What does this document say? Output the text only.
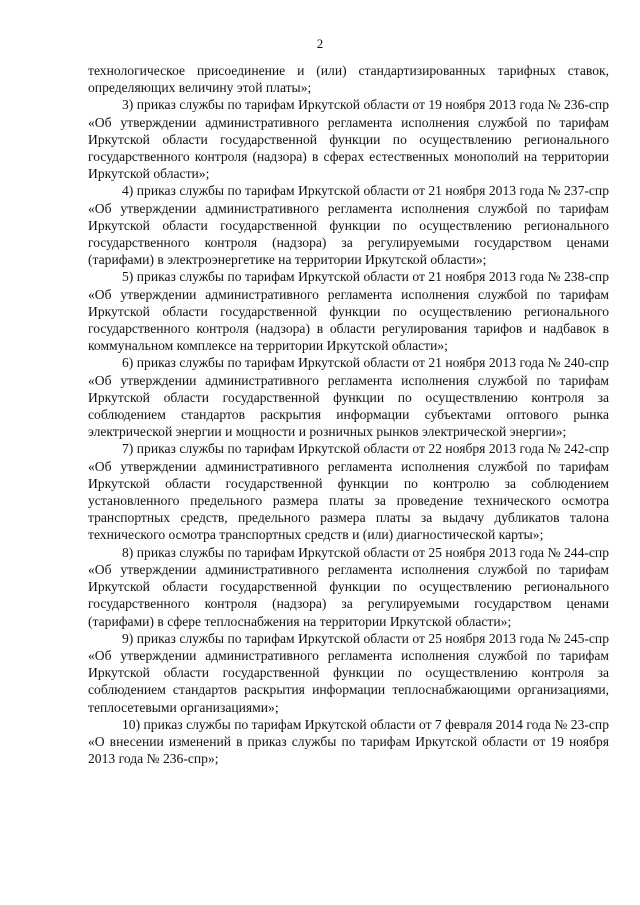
2

технологическое присоединение и (или) стандартизированных тарифных ставок, определяющих величину этой платы»;

3) приказ службы по тарифам Иркутской области от 19 ноября 2013 года № 236-спр «Об утверждении административного регламента исполнения службой по тарифам Иркутской области государственной функции по осуществлению регионального государственного контроля (надзора) в сферах естественных монополий на территории Иркутской области»;

4) приказ службы по тарифам Иркутской области от 21 ноября 2013 года № 237-спр «Об утверждении административного регламента исполнения службой по тарифам Иркутской области государственной функции по осуществлению регионального государственного контроля (надзора) за регулируемыми государством ценами (тарифами) в электроэнергетике на территории Иркутской области»;

5) приказ службы по тарифам Иркутской области от 21 ноября 2013 года № 238-спр «Об утверждении административного регламента исполнения службой по тарифам Иркутской области государственной функции по осуществлению регионального государственного контроля (надзора) в области регулирования тарифов и надбавок в коммунальном комплексе на территории Иркутской области»;

6) приказ службы по тарифам Иркутской области от 21 ноября 2013 года № 240-спр «Об утверждении административного регламента исполнения службой по тарифам Иркутской области государственной функции по осуществлению контроля за соблюдением стандартов раскрытия информации субъектами оптового рынка электрической энергии и мощности и розничных рынков электрической энергии»;

7) приказ службы по тарифам Иркутской области от 22 ноября 2013 года № 242-спр «Об утверждении административного регламента исполнения службой по тарифам Иркутской области государственной функции по контролю за соблюдением установленного предельного размера платы за проведение технического осмотра транспортных средств, предельного размера платы за выдачу дубликатов талона технического осмотра транспортных средств и (или) диагностической карты»;

8) приказ службы по тарифам Иркутской области от 25 ноября 2013 года № 244-спр «Об утверждении административного регламента исполнения службой по тарифам Иркутской области государственной функции по осуществлению регионального государственного контроля (надзора) за регулируемыми государством ценами (тарифами) в сфере теплоснабжения на территории Иркутской области»;

9) приказ службы по тарифам Иркутской области от 25 ноября 2013 года № 245-спр «Об утверждении административного регламента исполнения службой по тарифам Иркутской области государственной функции по осуществлению контроля за соблюдением стандартов раскрытия информации теплоснабжающими организациями, теплосетевыми организациями»;

10) приказ службы по тарифам Иркутской области от 7 февраля 2014 года № 23-спр «О внесении изменений в приказ службы по тарифам Иркутской области от 19 ноября 2013 года № 236-спр»;
